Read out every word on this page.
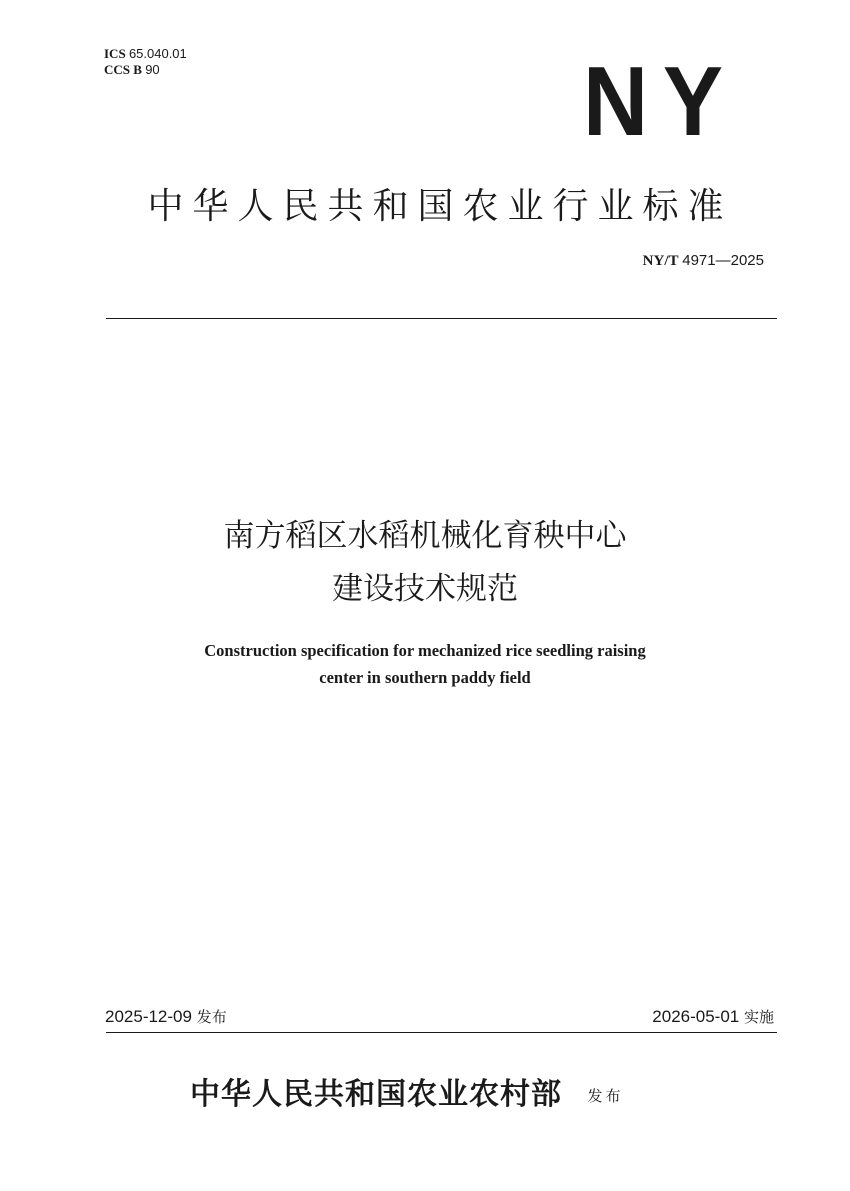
ICS 65.040.01
CCS B 90	NY
中华人民共和国农业行业标准
NY/T 4971—2025
南方稻区水稻机械化育秧中心
建设技术规范
Construction specification for mechanized rice seedling raising
center in southern paddy field
2025-12-09 发布	2026-05-01 实施
中华人民共和国农业农村部 发布
